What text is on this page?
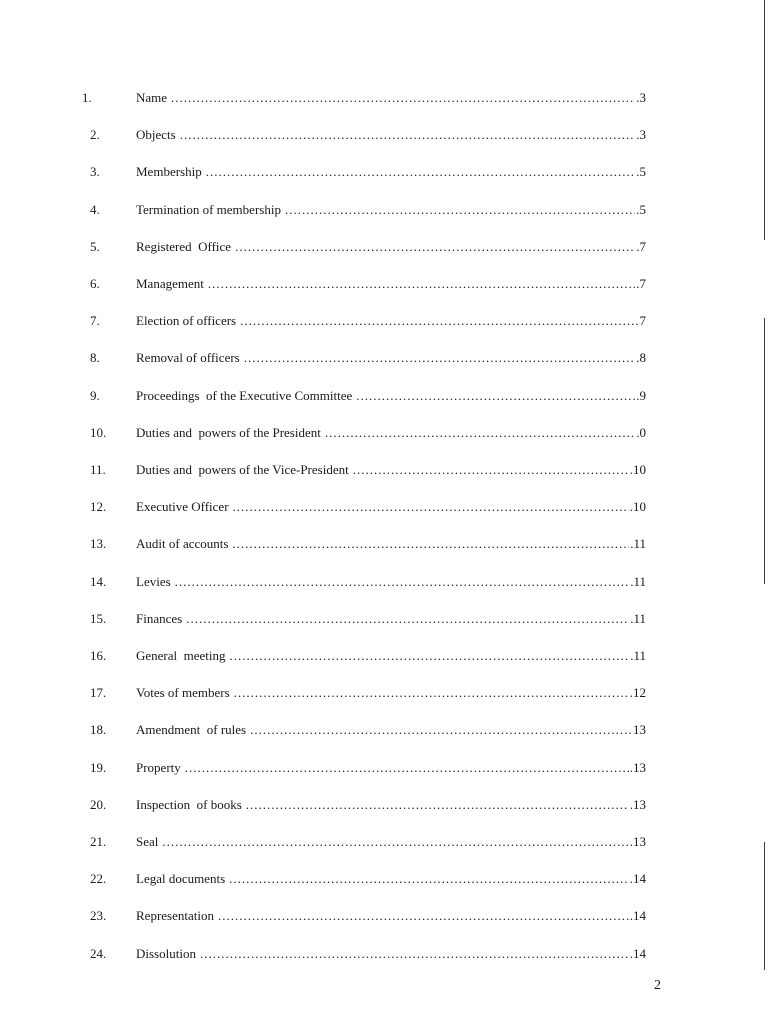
1.	Name .....	.3
2.	Objects .....	.3
3.	Membership .....	.5
4.	Termination of membership .....	.5
5.	Registered  Office .....	.7
6.	Management .....	.7
7.	Election of officers .....	7
8.	Removal of officers .....	.8
9.	Proceedings  of the Executive Committee .....	.9
10.	Duties and  powers of the President .....	.0
11.	Duties and  powers of the Vice-President .....	.10
12.	Executive Officer .....	.10
13.	Audit of accounts .....	.11
14.	Levies .....	.11
15.	Finances .....	.11
16.	General  meeting .....	.11
17.	Votes of members .....	.12
18.	Amendment  of rules .....	13
19.	Property .....	.13
20.	Inspection  of books .....	.13
21.	Seal .....	.13
22.	Legal documents .....	.14
23.	Representation .....	.14
24.	Dissolution .....	.14
2
